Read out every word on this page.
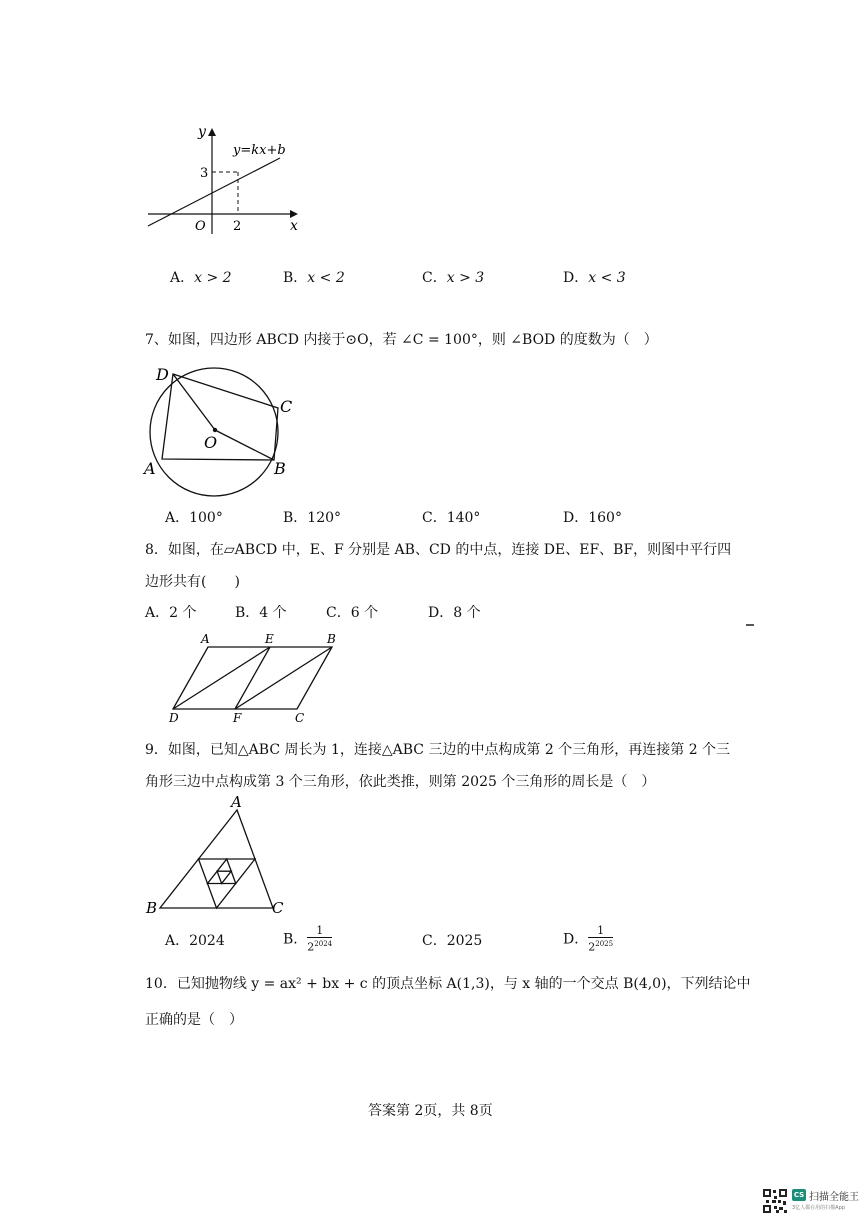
y
x
O
y=kx+b
3
2
A．x > 2	B．x < 2	C．x > 3	D．x < 3
7、如图，四边形 ABCD 内接于⊙O，若 ∠C = 100°，则 ∠BOD 的度数为（　）
D
C
O
A	B
A．100°	B．120°	C．140°	D．160°
8．如图，在▱ABCD 中，E、F 分别是 AB、CD 的中点，连接 DE、EF、BF，则图中平行四
边形共有(　　)
A．2 个	B．4 个	C．6 个	D．8 个
A	E	B
D	F	C
9．如图，已知△ABC 周长为 1，连接△ABC 三边的中点构成第 2 个三角形，再连接第 2 个三
角形三边中点构成第 3 个三角形，依此类推，则第 2025 个三角形的周长是（　）
A
B	C
A．2024	B． $\frac{1}{2^{2024}}$	C．2025	D． $\frac{1}{2^{2025}}$
10．已知抛物线 y = ax² + bx + c 的顶点坐标 A(1,3)，与 x 轴的一个交点 B(4,0)，下列结论中
正确的是（　）
答案第 2页，共 8页
CS 扫描全能王
3亿人都在用的扫描App
